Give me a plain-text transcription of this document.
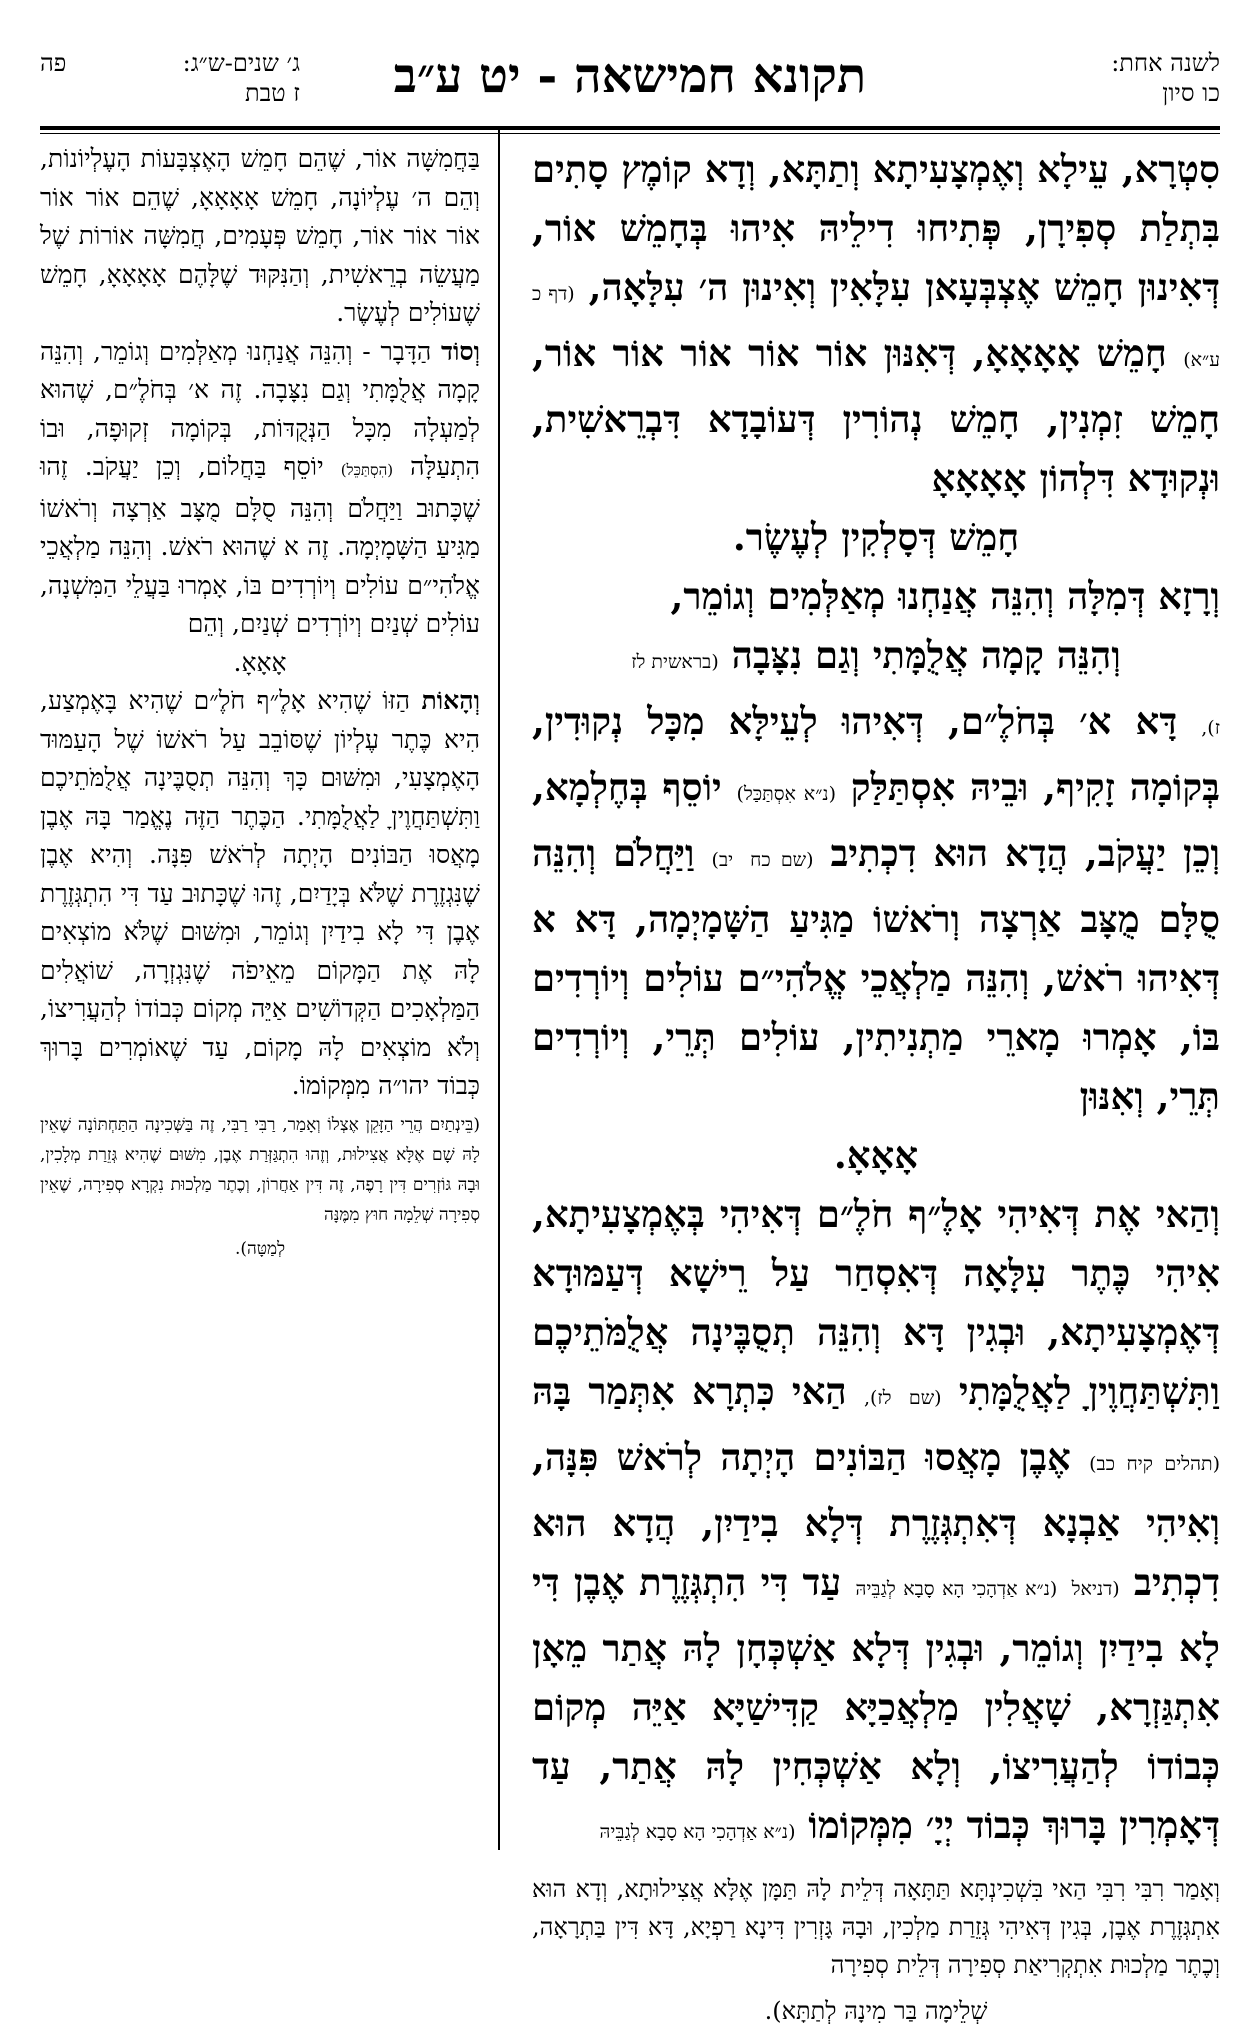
לשנה אחת:
כו סיון
תקונא חמישאה - יט ע״ב
ג׳ שנים-ש״ג:
פה
ז טבת

סִטְרָא, עֵילָא וְאֶמְצָעִיתָא וְתַתָּא, וְדָא קוֹמֶץ סָתִים בִּתְלַת סְפִירָן, פְּתִיחוּ דִילֵיהּ אִיהוּ בְּחָמֵשׁ אוֹר, דְּאִינוּן חָמֵשׁ אֶצְבְּעָאן עִלָּאִין וְאִינוּן ה׳ עִלָּאָה, (דף כ ע״א) חָמֵשׁ אָאָאָאָ, דְּאִנּוּן אוֹר אוֹר אוֹר אוֹר אוֹר, חָמֵשׁ זִמְנִין, חָמֵשׁ נְהוֹרִין דְּעוֹבָדָא דִּבְרֵאשִׁית, וּנְקוּדָא דִּלְהוֹן אָאָאָאָ

חָמֵשׁ דְּסָלְקִין לְעֶשֶׂר.

וְרָזָא דְּמִלָּה וְהִנֵּה אֲנַחְנוּ מְאַלְּמִים וְגוֹמֵר,

וְהִנֵּה קָמָה אֲלֻמָּתִי וְגַם נִצָּבָה (בראשית לז

ז), דָּא א׳ בְּחֹלֶ״ם, דְּאִיהוּ לְעֵילָּא מִכָּל נְקוּדִין, בְּקוֹמָה זָקִיף, וּבֵיהּ אִסְתַּלַּק (נ״א אִסְתַּכַּל) יוֹסֵף בְּחֶלְמָא, וְכֵן יַעֲקֹב, הֲדָא הוּא דִכְתִיב (שם כח יב) וַיַּחֲלֹם וְהִנֵּה סֻלָּם מֻצָּב אַרְצָה וְרֹאשׁוֹ מַגִּיעַ הַשָּׁמָיְמָה, דָּא א דְּאִיהוּ רֹאשׁ, וְהִנֵּה מַלְאֲכֵי אֱלֹהִי״ם עוֹלִים וְיוֹרְדִים בּוֹ, אָמְרוּ מָארֵי מַתְנִיתִין, עוֹלִים תְּרֵי, וְיוֹרְדִים תְּרֵי, וְאִנּוּן

אָאָאָ.

וְהַאי אֶת דְּאִיהִי אָלֶ״ף חֹלֶ״ם דְּאִיהִי בְּאֶמְצָעִיתָא, אִיהִי כֶּתֶר עִלָּאָה דְּאִסְחַר עַל רֵישָׁא דְּעַמּוּדָא דְּאֶמְצָעִיתָא, וּבְגִין דָּא וְהִנֵּה תְסֻבֶּינָה אֲלֻמֹּתֵיכֶם וַתִּשְׁתַּחֲוֶיןָ לַאֲלֻמָּתִי (שם לז), הַאי כִּתְרָא אִתְּמַר בָּהּ (תהלים קיח כב) אֶבֶן מָאֲסוּ הַבּוֹנִים הָיְתָה לְרֹאשׁ פִּנָּה, וְאִיהִי אַבְנָא דְּאִתְגְּזֶרֶת דְּלָא בִידַיִן, הֲדָא הוּא דִכְתִיב (דניאל (נ״א אַדְהָכִי הָא סָבָא לְגַבֵּיהּ עַד דִּי הִתְגְּזֶרֶת אֶבֶן דִּי לָא בִידַיִן וְגוֹמֵר, וּבְגִין דְּלָא אַשְׁכְּחָן לָהּ אֲתַר מֵאָן אִתְגַּזְרָא, שָׁאֲלִין מַלְאֲכַיָּא קַדִּישַׁיָּא אַיֵּה מְקוֹם כְּבוֹדוֹ לְהַעֲרִיצוֹ, וְלָא אַשְׁכְּחִין לָהּ אֲתַר, עַד דְּאָמְרִין בָּרוּךְ כְּבוֹד יְיָ׳ מִמְּקוֹמוֹ (נ״א אַדְהָכִי הָא סָבָא לְגַבֵּיהּ

וְאָמַר רִבִּי רִבִּי הַאי בִּשְׁכִינְתָּא תַּתָּאָה דְּלֵית לָהּ תַּמָּן אֶלָּא אֲצִילוּתָא, וְדָא הוּא אִתְגְּזֶרֶת אֶבֶן, בְּגִין דְּאִיהִי גְּזֵרַת מַלְכִין, וּבָהּ גָּזְרִין דִּינָא רַפְיָא, דָּא דִּין בַּתְרָאָה, וְכֶתֶר מַלְכוּת אִתְקְרִיאַת סְפִירָה דְּלֵית סְפִירָה

שְׁלֵימָה בַּר מִינָהּ לְתַתָּא).

בַּחֲמִשָּׁה אוֹר, שֶׁהֵם חָמֵשׁ הָאֶצְבָּעוֹת הָעֶלְיוֹנוֹת, וְהֵם ה׳ עֶלְיוֹנָה, חָמֵשׁ אָאָאָאָ, שֶׁהֵם אוֹר אוֹר אוֹר אוֹר אוֹר, חָמֵשׁ פְּעָמִים, חֲמִשָּׁה אוֹרוֹת שֶׁל מַעֲשֵׂה בְרֵאשִׁית, וְהַנִּקּוּד שֶׁלָּהֶם אָאָאָאָ, חָמֵשׁ שֶׁעוֹלִים לְעֶשֶׂר.

וְסוֹד הַדָּבָר - וְהִנֵּה אֲנַחְנוּ מְאַלְּמִים וְגוֹמֵר, וְהִנֵּה קָמָה אֲלֻמָּתִי וְגַם נִצָּבָה. זֶה א׳ בְּחֹלֶ״ם, שֶׁהוּא לְמַעְלָה מִכָּל הַנְּקֻדּוֹת, בְּקוֹמָה זְקוּפָה, וּבוֹ הִתְעַלָּה (הִסְתַּכֵּל) יוֹסֵף בַּחֲלוֹם, וְכֵן יַעֲקֹב. זֶהוּ שֶׁכָּתוּב וַיַּחֲלֹם וְהִנֵּה סֻלָּם מֻצָּב אַרְצָה וְרֹאשׁוֹ מַגִּיעַ הַשָּׁמָיְמָה. זֶה א שֶׁהוּא רֹאשׁ. וְהִנֵּה מַלְאֲכֵי אֱלֹהִי״ם עוֹלִים וְיוֹרְדִים בּוֹ, אָמְרוּ בַּעֲלֵי הַמִּשְׁנָה, עוֹלִים שְׁנַיִם וְיוֹרְדִים שְׁנַיִם, וְהֵם

אָאָאָ.

וְהָאוֹת הַזּוֹ שֶׁהִיא אָלֶ״ף חֹלֶ״ם שֶׁהִיא בָּאֶמְצַע, הִיא כֶּתֶר עֶלְיוֹן שֶׁסּוֹבֵב עַל רֹאשׁוֹ שֶׁל הָעַמּוּד הָאֶמְצָעִי, וּמִשּׁוּם כָּךְ וְהִנֵּה תְסֻבֶּינָה אֲלֻמֹּתֵיכֶם וַתִּשְׁתַּחֲוֶיןָ לַאֲלֻמָּתִי. הַכֶּתֶר הַזֶּה נֶאֱמַר בָּהּ אֶבֶן מָאֲסוּ הַבּוֹנִים הָיְתָה לְרֹאשׁ פִּנָּה. וְהִיא אֶבֶן שֶׁנִּגְזֶרֶת שֶׁלֹּא בְּיָדַיִם, זֶהוּ שֶׁכָּתוּב עַד דִּי הִתְגְּזֶרֶת אֶבֶן דִּי לָא בִידַיִן וְגוֹמֵר, וּמִשּׁוּם שֶׁלֹּא מוֹצְאִים לָהּ אֶת הַמָּקוֹם מֵאֵיפֹה שֶׁנִּגְזְרָה, שׁוֹאֲלִים הַמַּלְאָכִים הַקְּדוֹשִׁים אַיֵּה מְקוֹם כְּבוֹדוֹ לְהַעֲרִיצוֹ, וְלֹא מוֹצְאִים לָהּ מָקוֹם, עַד שֶׁאוֹמְרִים בָּרוּךְ כְּבוֹד יהו״ה מִמְּקוֹמוֹ.

(בֵּינְתַיִם הֲרֵי הַזָּקֵן אֶצְלוֹ וְאָמַר, רַבִּי רַבִּי, זֶה בַּשְּׁכִינָה הַתַּחְתּוֹנָה שֶׁאֵין לָהּ שָׁם אֶלָּא אֲצִילוּת, וְזֶהוּ הִתְגַּזְּרַת אֶבֶן, מִשּׁוּם שֶׁהִיא גְּזֵרַת מְלָכִין, וּבָהּ גּוֹזְרִים דִּין רָפֶה, זֶה דִּין אַחֲרוֹן, וְכֶתֶר מַלְכוּת נִקְרָא סְפִירָה, שֶׁאֵין סְפִירָה שְׁלֵמָה חוּץ מִמֶּנָּה

לְמַטָּה).
